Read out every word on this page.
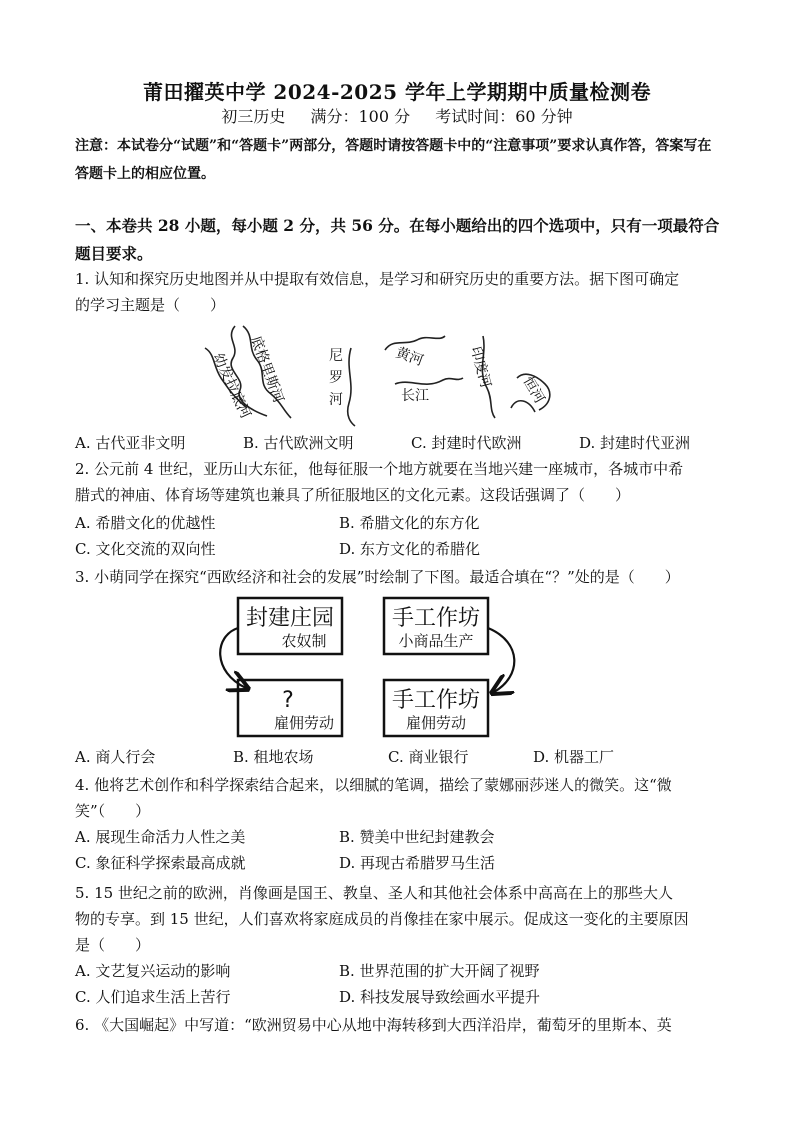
莆田擢英中学 2024-2025 学年上学期期中质量检测卷
初三历史 满分：100 分 考试时间：60 分钟
注意：本试卷分“试题”和“答题卡”两部分，答题时请按答题卡中的“注意事项”要求认真作答，答案写在答题卡上的相应位置。
一、本卷共 28 小题，每小题 2 分，共 56 分。在每小题给出的四个选项中，只有一项最符合题目要求。
1. 认知和探究历史地图并从中提取有效信息，是学习和研究历史的重要方法。据下图可确定
的学习主题是（　　）
幼发拉底河
底格里斯河	尼
罗
河
黄河
长江
印度河
恒河
A. 古代亚非文明	B. 古代欧洲文明	C. 封建时代欧洲	D. 封建时代亚洲
2. 公元前 4 世纪，亚历山大东征，他每征服一个地方就要在当地兴建一座城市，各城市中希
腊式的神庙、体育场等建筑也兼具了所征服地区的文化元素。这段话强调了（　　）
A. 希腊文化的优越性	B. 希腊文化的东方化
C. 文化交流的双向性	D. 东方文化的希腊化
3. 小萌同学在探究“西欧经济和社会的发展”时绘制了下图。最适合填在“？”处的是（　　）
封建庄园
农奴制
手工作坊
小商品生产
?
雇佣劳动
手工作坊
雇佣劳动
A. 商人行会	B. 租地农场	C. 商业银行	D. 机器工厂
4. 他将艺术创作和科学探索结合起来，以细腻的笔调，描绘了蒙娜丽莎迷人的微笑。这“微
笑”（　　）
A. 展现生命活力人性之美	B. 赞美中世纪封建教会
C. 象征科学探索最高成就	D. 再现古希腊罗马生活
5. 15 世纪之前的欧洲，肖像画是国王、教皇、圣人和其他社会体系中高高在上的那些大人
物的专享。到 15 世纪，人们喜欢将家庭成员的肖像挂在家中展示。促成这一变化的主要原因
是（　　）
A. 文艺复兴运动的影响	B. 世界范围的扩大开阔了视野
C. 人们追求生活上苦行	D. 科技发展导致绘画水平提升
6. 《大国崛起》中写道：“欧洲贸易中心从地中海转移到大西洋沿岸，葡萄牙的里斯本、英
